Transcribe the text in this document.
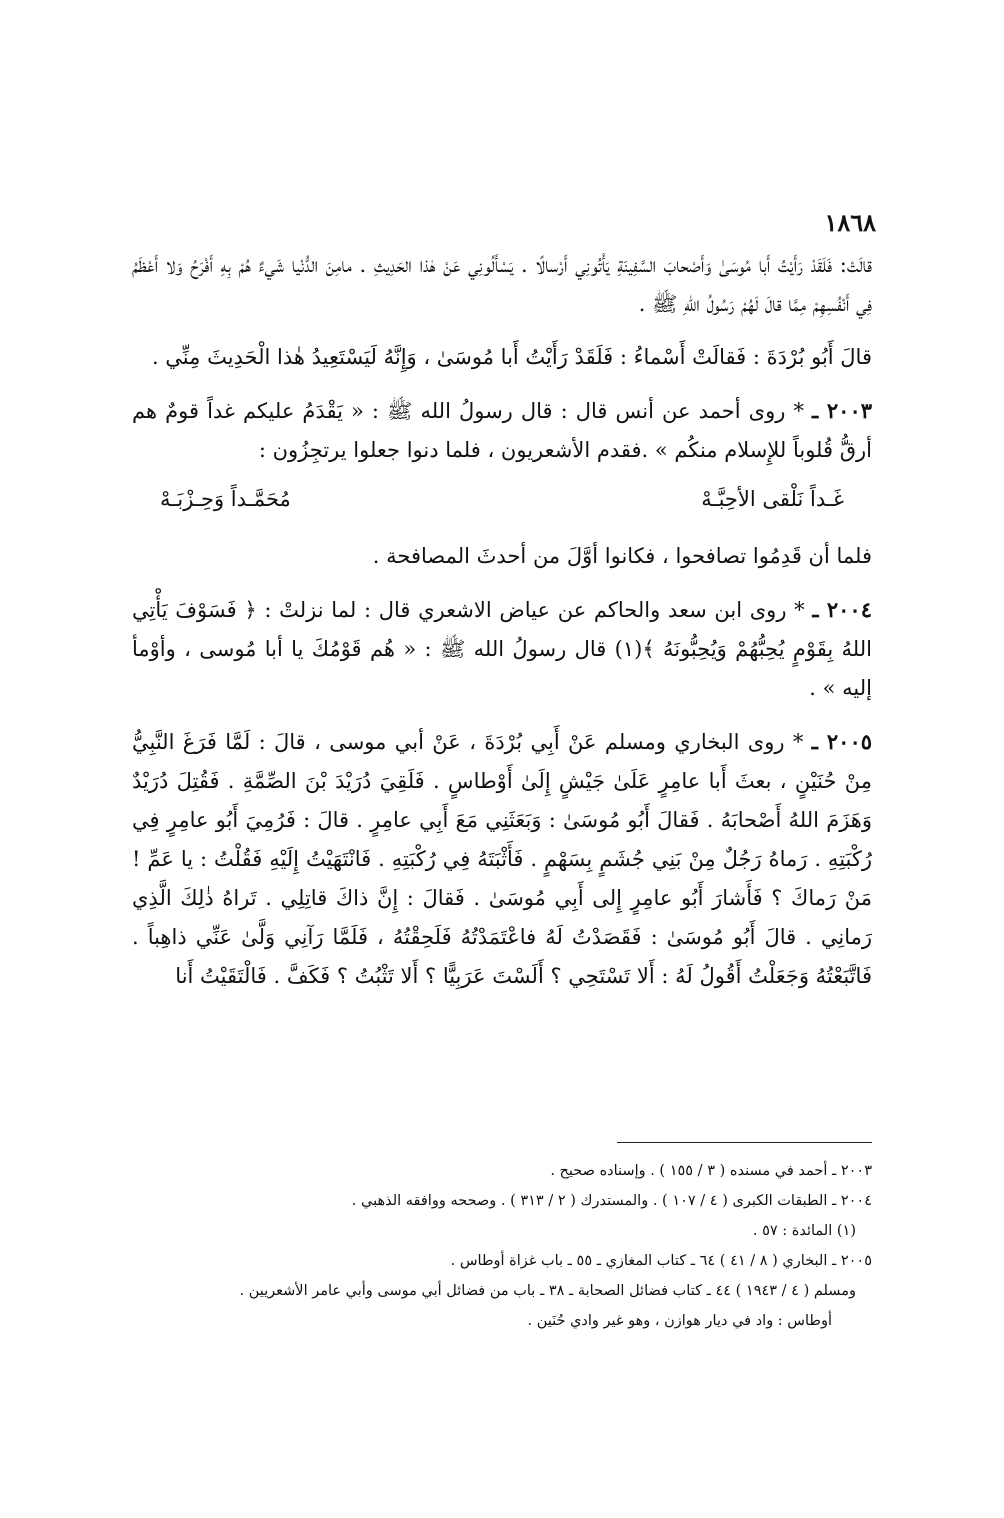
١٨٦٨

قالَتْ: فَلَقَدْ رَأَيْتُ أَبا مُوسَىٰ وَأَصْحابَ السَّفِينَةِ يَأْتُونِي أَرْسالًا . يَسْأَلُونِي عَنْ هٰذا الحَدِيثِ . مامِنَ الدُّنْيا شَيءٌ هُمْ بِهِ أَفْرَحُ وَلا أَعْظَمُ فِي أَنْفُسِهِمْ مِمَّا قالَ لَهُمْ رَسُولُ اللهِ ﷺ .

قالَ أَبُو بُرْدَةَ : فَقالَتْ أَسْماءُ : فَلَقَدْ رَأَيْتُ أَبا مُوسَىٰ ، وَإِنَّهُ لَيَسْتَعِيدُ هٰذا الْحَدِيثَ مِنِّي .

٢٠٠٣ ـ * روى أحمد عن أنس قال : قال رسولُ الله ﷺ : « يَقْدَمُ عليكم غداً قومٌ هم أرقُّ قُلوباً للإِسلام منكُم » .فقدم الأشعريون ، فلما دنوا جعلوا يرتجِزُون :

غَـداً نَلْقى الأحِبَّـهْ
مُحَمَّـداً وَحِـزْبَـهْ

فلما أن قَدِمُوا تصافحوا ، فكانوا أوَّلَ من أحدثَ المصافحة .

٢٠٠٤ ـ * روى ابن سعد والحاكم عن عياض الاشعري قال : لما نزلتْ : ﴿ فَسَوْفَ يَأْتِي اللهُ بِقَوْمٍ يُحِبُّهُمْ وَيُحِبُّونَهُ ﴾(١) قال رسولُ الله ﷺ : « هُم قَوْمُكَ يا أبا مُوسى ، وأوْمأ إليه » .

٢٠٠٥ ـ * روى البخاري ومسلم عَنْ أَبِي بُرْدَةَ ، عَنْ أبي موسى ، قالَ : لَمَّا فَرَغَ النَّبِيُّ مِنْ حُنَيْنٍ ، بعثَ أَبا عامِرٍ عَلَىٰ جَيْشٍ إِلَىٰ أَوْطاسٍ . فَلَقِيَ دُرَيْدَ بْنَ الصِّمَّةِ . فَقُتِلَ دُرَيْدٌ وَهَزَمَ اللهُ أَصْحابَهُ . فَقالَ أَبُو مُوسَىٰ : وَبَعَثَنِي مَعَ أَبِي عامِرٍ . قالَ : فَرُمِيَ أَبُو عامِرٍ فِي رُكْبَتِهِ . رَماهُ رَجُلٌ مِنْ بَنِي جُشَمٍ بِسَهْمٍ . فَأَثْبَتَهُ فِي رُكْبَتِهِ . فَانْتَهَيْتُ إِلَيْهِ فَقُلْتُ : يا عَمِّ ! مَنْ رَماكَ ؟ فَأَشارَ أَبُو عامِرٍ إِلى أَبِي مُوسَىٰ . فَقالَ : إِنَّ ذاكَ قاتِلِي . تَراهُ ذٰلِكَ الَّذِي رَمانِي . قالَ أَبُو مُوسَىٰ : فَقَصَدْتُ لَهُ فاعْتَمَدْتُهُ فَلَحِقْتُهُ ، فَلَمَّا رَآنِي وَلَّىٰ عَنِّي ذاهِباً . فَاتَّبَعْتُهُ وَجَعَلْتُ أَقُولُ لَهُ : أَلا تَسْتَحِي ؟ أَلَسْتَ عَرَبِيًّا ؟ أَلا تَثْبُتُ ؟ فَكَفَّ . فَالْتَقَيْتُ أَنا

٢٠٠٣ ـ أحمد في مسنده ( ٣ / ١٥٥ ) . وإسناده صحيح .

٢٠٠٤ ـ الطبقات الكبرى ( ٤ / ١٠٧ ) . والمستدرك ( ٢ / ٣١٣ ) . وصححه ووافقه الذهبي .

(١) المائدة : ٥٧ .

٢٠٠٥ ـ البخاري ( ٨ / ٤١ ) ٦٤ ـ كتاب المغازي ـ ٥٥ ـ باب غزاة أوطاس .

ومسلم ( ٤ / ١٩٤٣ ) ٤٤ ـ كتاب فضائل الصحابة ـ ٣٨ ـ باب من فضائل أبي موسى وأبي عامر الأشعريين .

أوطاس : واد في ديار هوازن ، وهو غير وادي حُنَين .
